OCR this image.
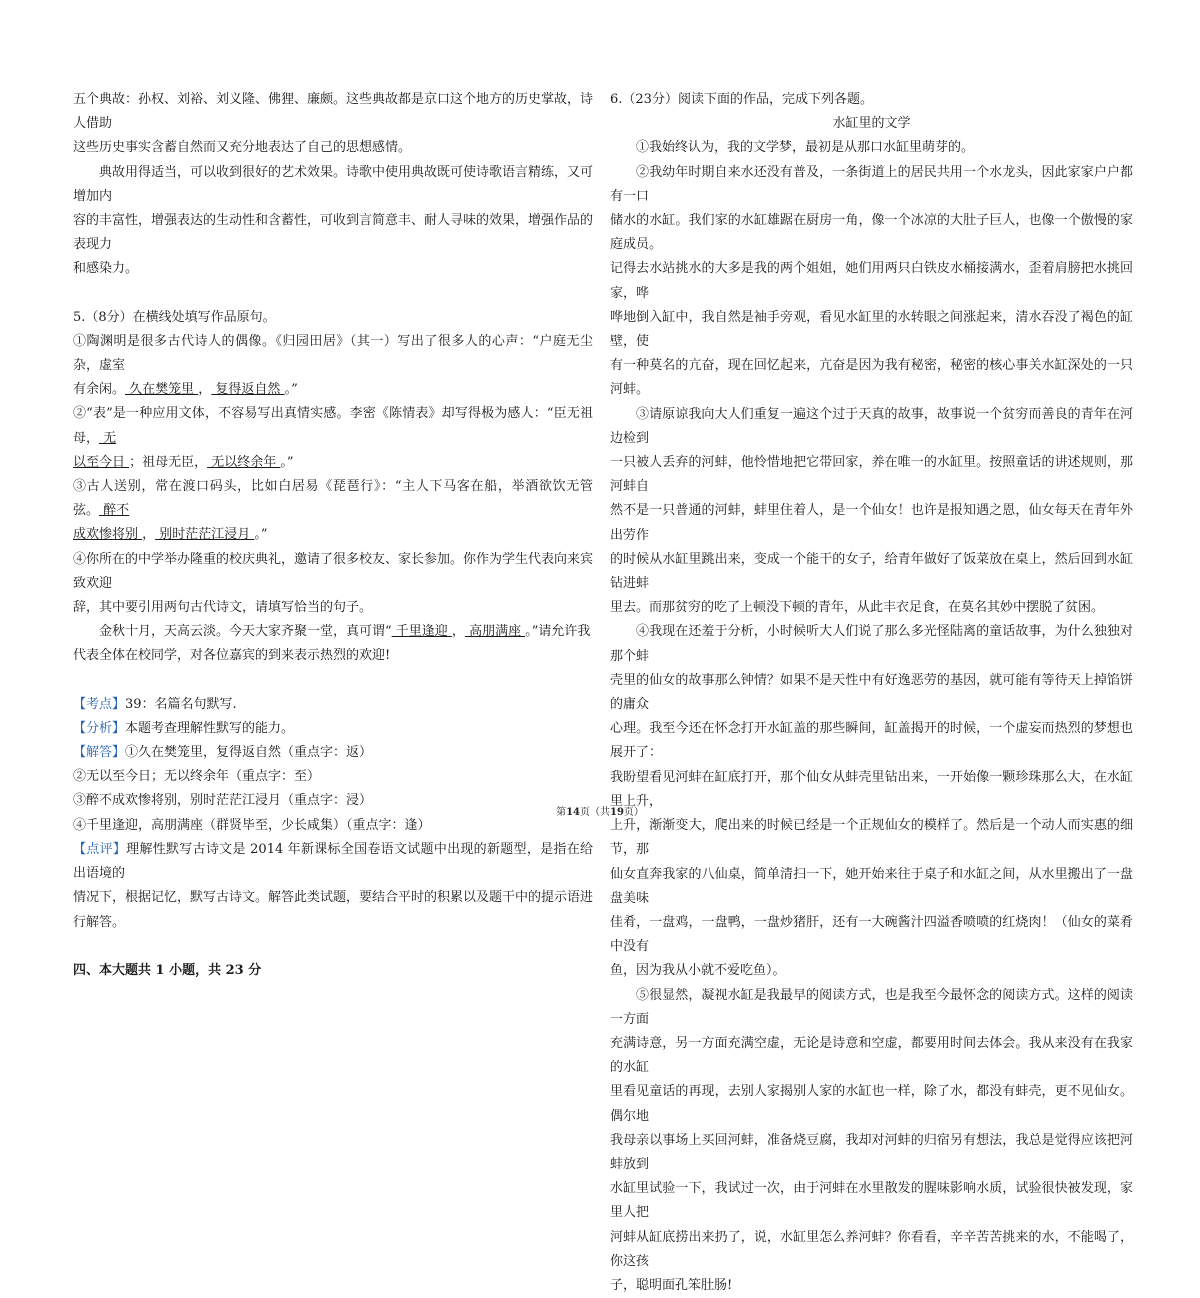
五个典故：孙权、刘裕、刘义隆、佛狸、廉颇。这些典故都是京口这个地方的历史掌故，诗人借助

这些历史事实含蓄自然而又充分地表达了自己的思想感情。

典故用得适当，可以收到很好的艺术效果。诗歌中使用典故既可使诗歌语言精练，又可增加内

容的丰富性，增强表达的生动性和含蓄性，可收到言简意丰、耐人寻味的效果，增强作品的表现力

和感染力。

5.（8分）在横线处填写作品原句。

①陶渊明是很多古代诗人的偶像。《归园田居》（其一）写出了很多人的心声：“户庭无尘杂，虚室

有余闲。 久在樊笼里 ， 复得返自然 。”

②“表”是一种应用文体，不容易写出真情实感。李密《陈情表》却写得极为感人：“臣无祖母， 无

以至今日 ；祖母无臣， 无以终余年 。”

③古人送别，常在渡口码头，比如白居易《琵琶行》：“主人下马客在船，举酒欲饮无管弦。 醉不

成欢惨将别 ， 别时茫茫江浸月 。”

④你所在的中学举办隆重的校庆典礼，邀请了很多校友、家长参加。你作为学生代表向来宾致欢迎

辞，其中要引用两句古代诗文，请填写恰当的句子。

金秋十月，天高云淡。今天大家齐聚一堂，真可谓“ 千里逢迎 ， 高朋满座 。”请允许我

代表全体在校同学，对各位嘉宾的到来表示热烈的欢迎!

【考点】39：名篇名句默写.

【分析】本题考查理解性默写的能力。

【解答】①久在樊笼里，复得返自然（重点字：返）

②无以至今日；无以终余年（重点字：至）

③醉不成欢惨将别，别时茫茫江浸月（重点字：浸）

④千里逢迎，高朋满座（群贤毕至，少长咸集）（重点字：逢）

【点评】理解性默写古诗文是 2014 年新课标全国卷语文试题中出现的新题型，是指在给出语境的

情况下，根据记忆，默写古诗文。解答此类试题，要结合平时的积累以及题干中的提示语进行解答。

四、本大题共 1 小题，共 23 分

6.（23分）阅读下面的作品，完成下列各题。

水缸里的文学

①我始终认为，我的文学梦，最初是从那口水缸里萌芽的。

②我幼年时期自来水还没有普及，一条街道上的居民共用一个水龙头，因此家家户户都有一口

储水的水缸。我们家的水缸雄踞在厨房一角，像一个冰凉的大肚子巨人，也像一个傲慢的家庭成员。

记得去水站挑水的大多是我的两个姐姐，她们用两只白铁皮水桶接满水，歪着肩膀把水挑回家，哗

哗地倒入缸中，我自然是袖手旁观，看见水缸里的水转眼之间涨起来，清水吞没了褐色的缸壁，使

有一种莫名的亢奋，现在回忆起来，亢奋是因为我有秘密，秘密的核心事关水缸深处的一只河蚌。

③请原谅我向大人们重复一遍这个过于天真的故事，故事说一个贫穷而善良的青年在河边检到

一只被人丢弃的河蚌，他怜惜地把它带回家，养在唯一的水缸里。按照童话的讲述规则，那河蚌自

然不是一只普通的河蚌，蚌里住着人，是一个仙女！也许是报知遇之恩，仙女每天在青年外出劳作

的时候从水缸里跳出来，变成一个能干的女子，给青年做好了饭菜放在桌上，然后回到水缸钻进蚌

里去。而那贫穷的吃了上顿没下顿的青年，从此丰衣足食，在莫名其妙中摆脱了贫困。

④我现在还羞于分析，小时候听大人们说了那么多光怪陆离的童话故事，为什么独独对那个蚌

壳里的仙女的故事那么钟情？如果不是天性中有好逸恶劳的基因，就可能有等待天上掉馅饼的庸众

心理。我至今还在怀念打开水缸盖的那些瞬间，缸盖揭开的时候，一个虚妄而热烈的梦想也展开了：

我盼望看见河蚌在缸底打开，那个仙女从蚌壳里钻出来，一开始像一颗珍珠那么大，在水缸里上升，

上升，渐渐变大，爬出来的时候已经是一个正规仙女的模样了。然后是一个动人而实惠的细节，那

仙女直奔我家的八仙桌，简单清扫一下，她开始来往于桌子和水缸之间，从水里搬出了一盘盘美味

佳肴，一盘鸡，一盘鸭，一盘炒猪肝，还有一大碗酱汁四溢香喷喷的红烧肉！（仙女的菜肴中没有

鱼，因为我从小就不爱吃鱼）。

⑤很显然，凝视水缸是我最早的阅读方式，也是我至今最怀念的阅读方式。这样的阅读一方面

充满诗意，另一方面充满空虚，无论是诗意和空虚，都要用时间去体会。我从来没有在我家的水缸

里看见童话的再现，去别人家揭别人家的水缸也一样，除了水，都没有蚌壳，更不见仙女。偶尔地

我母亲以事场上买回河蚌，准备烧豆腐，我却对河蚌的归宿另有想法，我总是觉得应该把河蚌放到

水缸里试验一下，我试过一次，由于河蚌在水里散发的腥味影响水质，试验很快被发现，家里人把

河蚌从缸底捞出来扔了，说，水缸里怎么养河蚌？你看看，辛辛苦苦挑来的水，不能喝了，你这孩

子，聪明面孔笨肚肠!

第14页（共19页）
